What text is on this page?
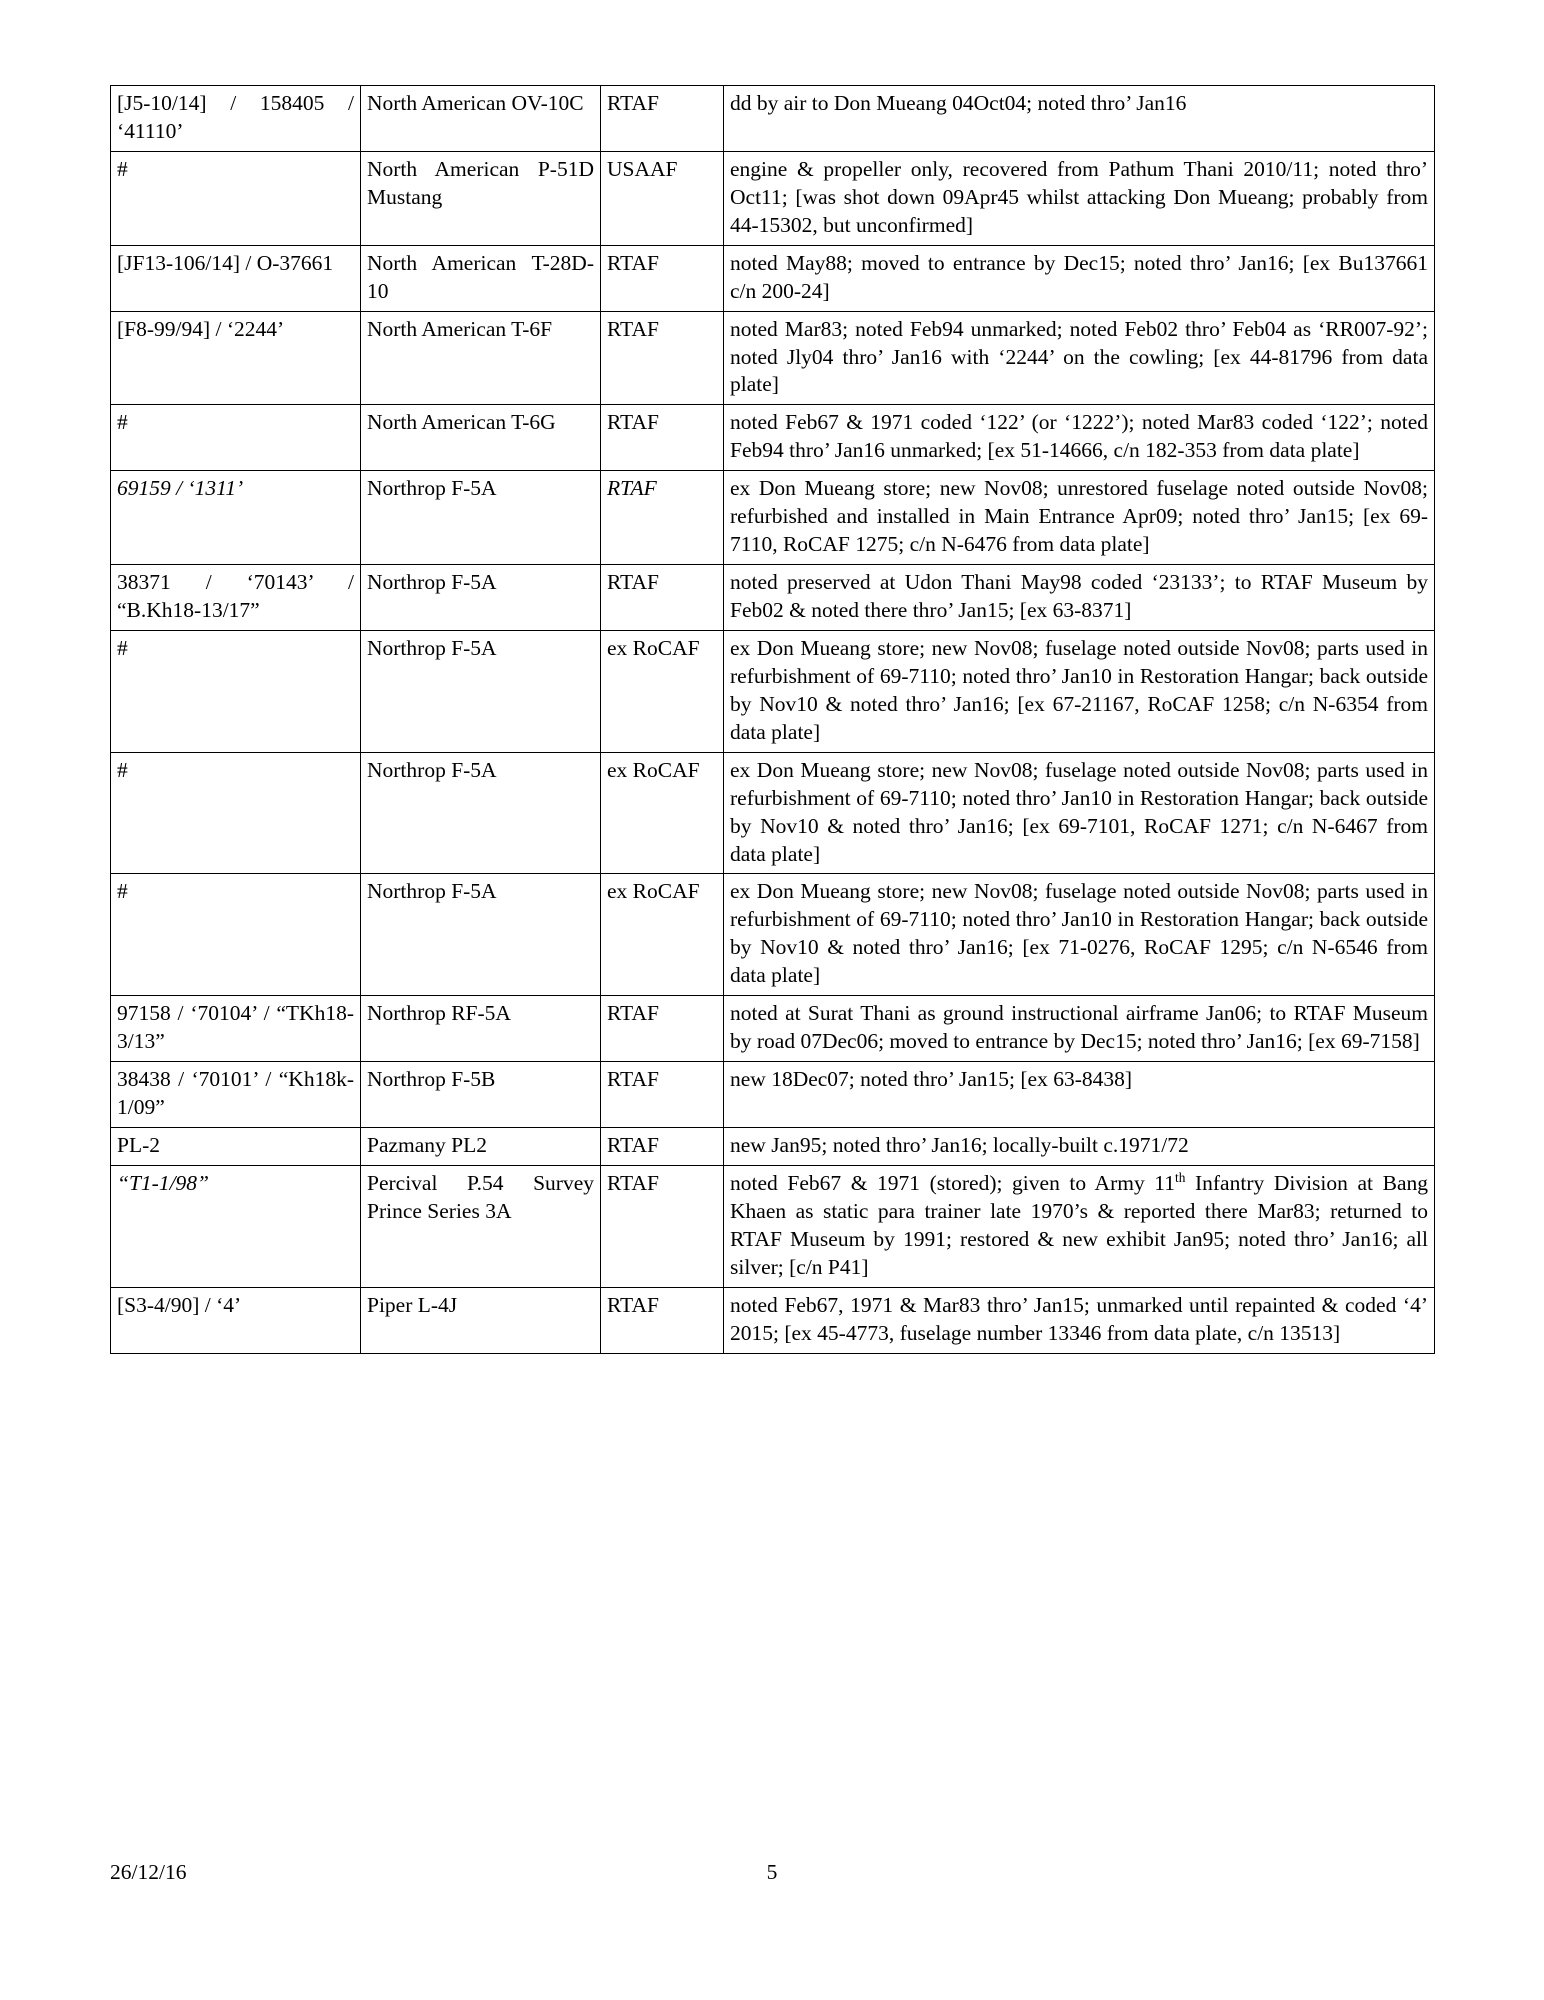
[J5-10/14] / 158405 / ‘41110’	North American OV-10C	RTAF	dd by air to Don Mueang 04Oct04; noted thro’ Jan16
#	North American P-51D Mustang	USAAF	engine & propeller only, recovered from Pathum Thani 2010/11; noted thro’ Oct11; [was shot down 09Apr45 whilst attacking Don Mueang; probably from 44-15302, but unconfirmed]
[JF13-106/14] / O-37661	North American T-28D-10	RTAF	noted May88; moved to entrance by Dec15; noted thro’ Jan16; [ex Bu137661 c/n 200-24]
[F8-99/94] / ‘2244’	North American T-6F	RTAF	noted Mar83; noted Feb94 unmarked; noted Feb02 thro’ Feb04 as ‘RR007-92’; noted Jly04 thro’ Jan16 with ‘2244’ on the cowling; [ex 44-81796 from data plate]
#	North American T-6G	RTAF	noted Feb67 & 1971 coded ‘122’ (or ‘1222’); noted Mar83 coded ‘122’; noted Feb94 thro’ Jan16 unmarked; [ex 51-14666, c/n 182-353 from data plate]
69159 / ‘1311’	Northrop F-5A	RTAF	ex Don Mueang store; new Nov08; unrestored fuselage noted outside Nov08; refurbished and installed in Main Entrance Apr09; noted thro’ Jan15; [ex 69-7110, RoCAF 1275; c/n N-6476 from data plate]
38371 / ‘70143’ / “B.Kh18-13/17”	Northrop F-5A	RTAF	noted preserved at Udon Thani May98 coded ‘23133’; to RTAF Museum by Feb02 & noted there thro’ Jan15; [ex 63-8371]
#	Northrop F-5A	ex RoCAF	ex Don Mueang store; new Nov08; fuselage noted outside Nov08; parts used in refurbishment of 69-7110; noted thro’ Jan10 in Restoration Hangar; back outside by Nov10 & noted thro’ Jan16; [ex 67-21167, RoCAF 1258; c/n N-6354 from data plate]
#	Northrop F-5A	ex RoCAF	ex Don Mueang store; new Nov08; fuselage noted outside Nov08; parts used in refurbishment of 69-7110; noted thro’ Jan10 in Restoration Hangar; back outside by Nov10 & noted thro’ Jan16; [ex 69-7101, RoCAF 1271; c/n N-6467 from data plate]
#	Northrop F-5A	ex RoCAF	ex Don Mueang store; new Nov08; fuselage noted outside Nov08; parts used in refurbishment of 69-7110; noted thro’ Jan10 in Restoration Hangar; back outside by Nov10 & noted thro’ Jan16; [ex 71-0276, RoCAF 1295; c/n N-6546 from data plate]
97158 / ‘70104’ / “TKh18-3/13”	Northrop RF-5A	RTAF	noted at Surat Thani as ground instructional airframe Jan06; to RTAF Museum by road 07Dec06; moved to entrance by Dec15; noted thro’ Jan16; [ex 69-7158]
38438 / ‘70101’ / “Kh18k-1/09”	Northrop F-5B	RTAF	new 18Dec07; noted thro’ Jan15; [ex 63-8438]
PL-2	Pazmany PL2	RTAF	new Jan95; noted thro’ Jan16; locally-built c.1971/72
“T1-1/98”	Percival P.54 Survey Prince Series 3A	RTAF	noted Feb67 & 1971 (stored); given to Army 11th Infantry Division at Bang Khaen as static para trainer late 1970’s & reported there Mar83; returned to RTAF Museum by 1991; restored & new exhibit Jan95; noted thro’ Jan16; all silver; [c/n P41]
[S3-4/90] / ‘4’	Piper L-4J	RTAF	noted Feb67, 1971 & Mar83 thro’ Jan15; unmarked until repainted & coded ‘4’ 2015; [ex 45-4773, fuselage number 13346 from data plate, c/n 13513]
26/12/16	5
